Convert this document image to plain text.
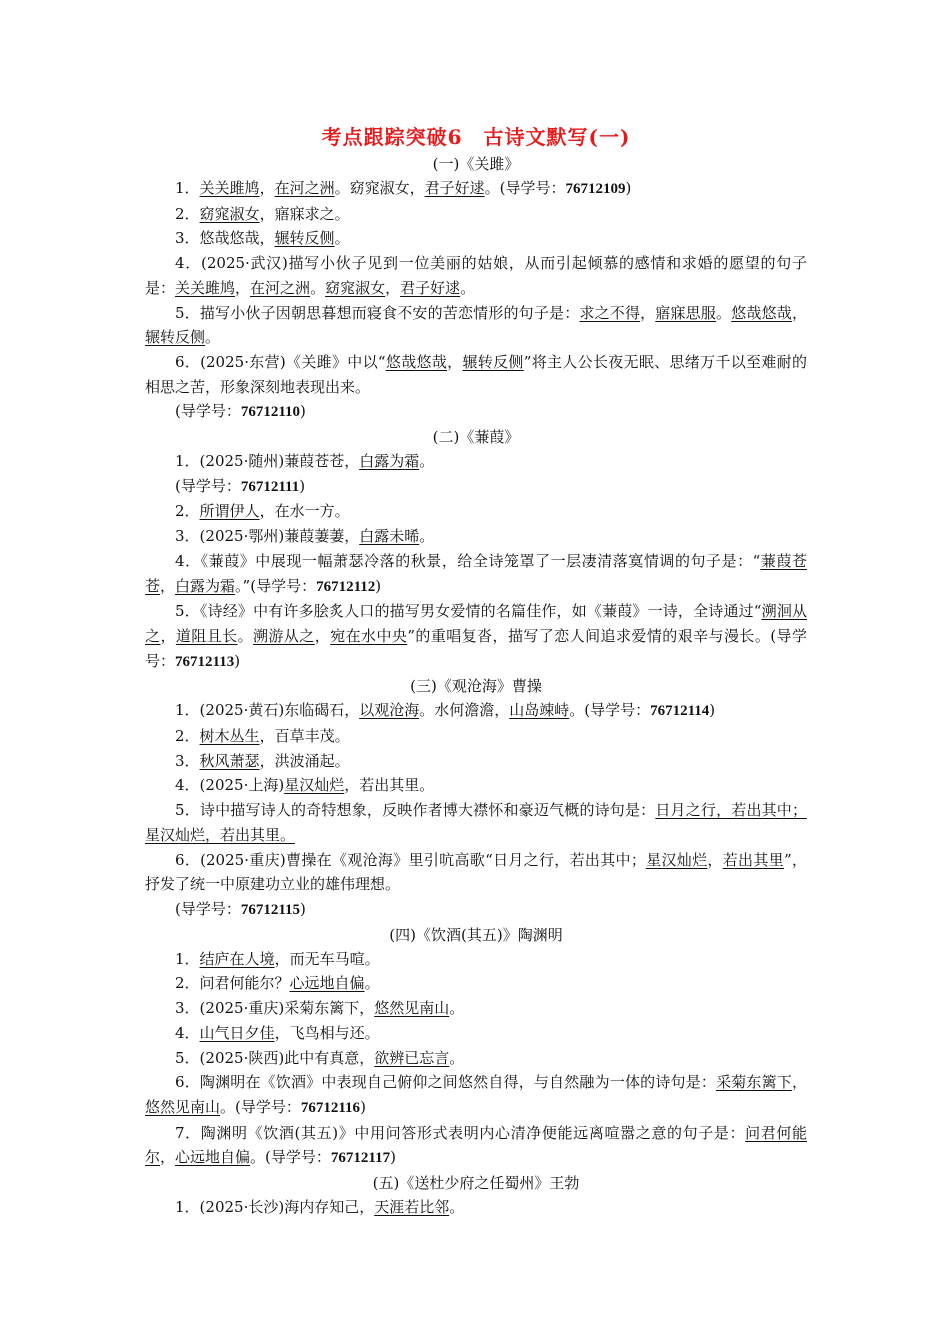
考点跟踪突破6　古诗文默写(一)
(一)《关雎》

1．关关雎鸠，在河之洲。窈窕淑女，君子好逑。(导学号：76712109)

2．窈窕淑女，寤寐求之。

3．悠哉悠哉，辗转反侧。

4．(2025·武汉)描写小伙子见到一位美丽的姑娘，从而引起倾慕的感情和求婚的愿望的句子是：关关雎鸠，在河之洲。窈窕淑女，君子好逑。

5．描写小伙子因朝思暮想而寝食不安的苦恋情形的句子是：求之不得，寤寐思服。悠哉悠哉，辗转反侧。

6．(2025·东营)《关雎》中以“悠哉悠哉，辗转反侧”将主人公长夜无眠、思绪万千以至难耐的相思之苦，形象深刻地表现出来。

(导学号：76712110)

(二)《蒹葭》

1．(2025·随州)蒹葭苍苍，白露为霜。

(导学号：76712111)

2．所谓伊人，在水一方。

3．(2025·鄂州)蒹葭萋萋，白露未晞。

4．《蒹葭》中展现一幅萧瑟冷落的秋景，给全诗笼罩了一层凄清落寞情调的句子是：“蒹葭苍苍，白露为霜。”(导学号：76712112)

5．《诗经》中有许多脍炙人口的描写男女爱情的名篇佳作，如《蒹葭》一诗，全诗通过“溯洄从之，道阻且长。溯游从之，宛在水中央”的重唱复沓，描写了恋人间追求爱情的艰辛与漫长。(导学号：76712113)

(三)《观沧海》曹操

1．(2025·黄石)东临碣石，以观沧海。水何澹澹，山岛竦峙。(导学号：76712114)

2．树木丛生，百草丰茂。

3．秋风萧瑟，洪波涌起。

4．(2025·上海)星汉灿烂，若出其里。

5．诗中描写诗人的奇特想象，反映作者博大襟怀和豪迈气概的诗句是：日月之行，若出其中；星汉灿烂，若出其里。

6．(2025·重庆)曹操在《观沧海》里引吭高歌“日月之行，若出其中；星汉灿烂，若出其里”，抒发了统一中原建功立业的雄伟理想。

(导学号：76712115)

(四)《饮酒(其五)》陶渊明

1．结庐在人境，而无车马喧。

2．问君何能尔？心远地自偏。

3．(2025·重庆)采菊东篱下，悠然见南山。

4．山气日夕佳，飞鸟相与还。

5．(2025·陕西)此中有真意，欲辨已忘言。

6．陶渊明在《饮酒》中表现自己俯仰之间悠然自得，与自然融为一体的诗句是：采菊东篱下，悠然见南山。(导学号：76712116)

7．陶渊明《饮酒(其五)》中用问答形式表明内心清净便能远离喧嚣之意的句子是：问君何能尔，心远地自偏。(导学号：76712117)

(五)《送杜少府之任蜀州》王勃

1．(2025·长沙)海内存知己，天涯若比邻。
